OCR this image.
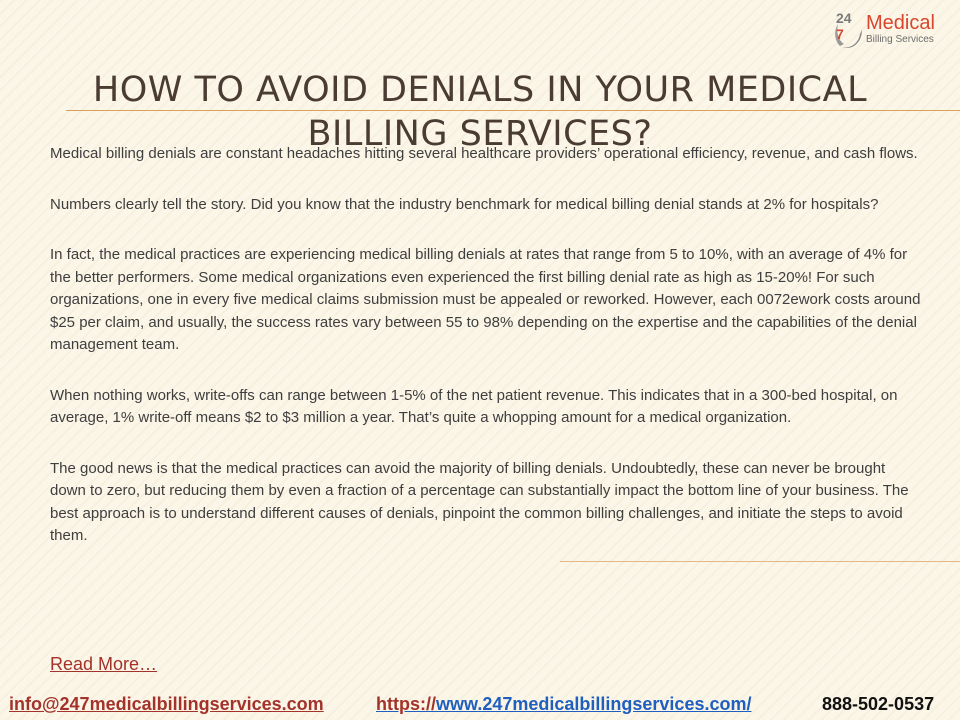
24
7	Medical
Billing Services
HOW TO AVOID DENIALS IN YOUR MEDICAL BILLING SERVICES?

Medical billing denials are constant headaches hitting several healthcare providers’ operational efficiency, revenue, and cash flows.

Numbers clearly tell the story. Did you know that the industry benchmark for medical billing denial stands at 2% for hospitals?

In fact, the medical practices are experiencing medical billing denials at rates that range from 5 to 10%, with an average of 4% for the better performers. Some medical organizations even experienced the first billing denial rate as high as 15-20%! For such organizations, one in every five medical claims submission must be appealed or reworked. However, each 0072ework costs around $25 per claim, and usually, the success rates vary between 55 to 98% depending on the expertise and the capabilities of the denial management team.

When nothing works, write-offs can range between 1-5% of the net patient revenue. This indicates that in a 300-bed hospital, on average, 1% write-off means $2 to $3 million a year. That’s quite a whopping amount for a medical organization.

The good news is that the medical practices can avoid the majority of billing denials. Undoubtedly, these can never be brought down to zero, but reducing them by even a fraction of a percentage can substantially impact the bottom line of your business. The best approach is to understand different causes of denials, pinpoint the common billing challenges, and initiate the steps to avoid them.

Read More…
info@247medicalbillingservices.com	https://www.247medicalbillingservices.com/	888-502-0537
